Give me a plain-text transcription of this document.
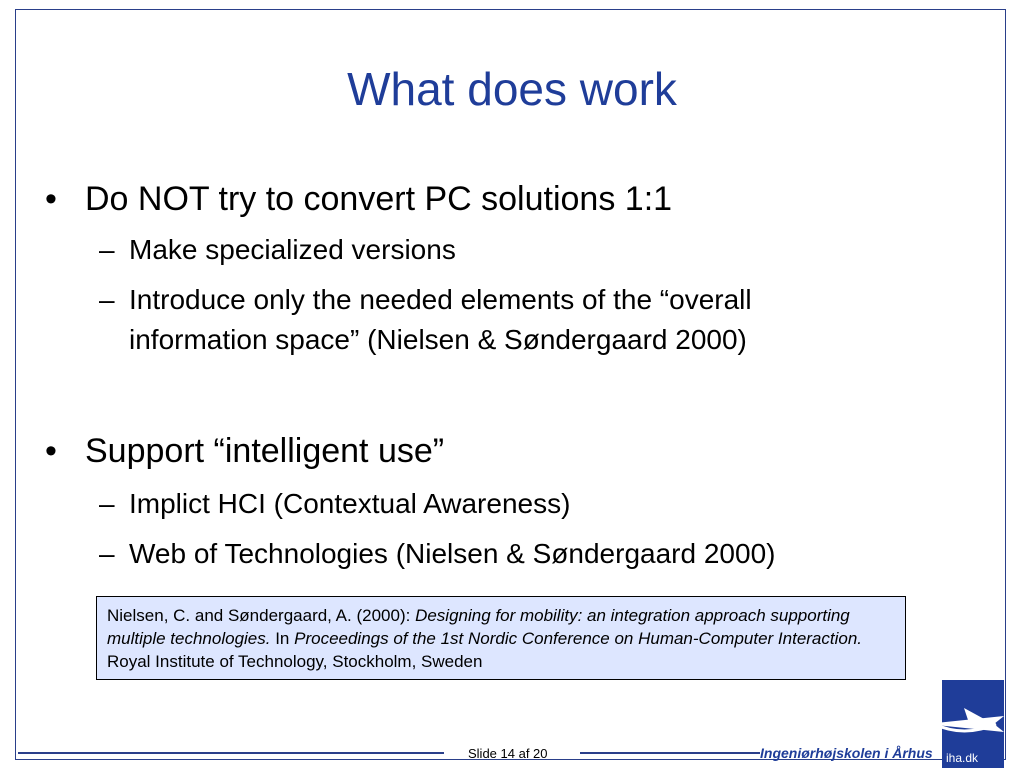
What does work
• Do NOT try to convert PC solutions 1:1
– Make specialized versions
– Introduce only the needed elements of the “overall
information space” (Nielsen & Søndergaard 2000)
• Support “intelligent use”
– Implict HCI (Contextual Awareness)
– Web of Technologies (Nielsen & Søndergaard 2000)
Nielsen, C. and Søndergaard, A. (2000): Designing for mobility: an integration approach supporting multiple technologies. In Proceedings of the 1st Nordic Conference on Human-Computer Interaction. Royal Institute of Technology, Stockholm, Sweden
Slide 14 af 20	Ingeniørhøjskolen i Århus iha.dk
